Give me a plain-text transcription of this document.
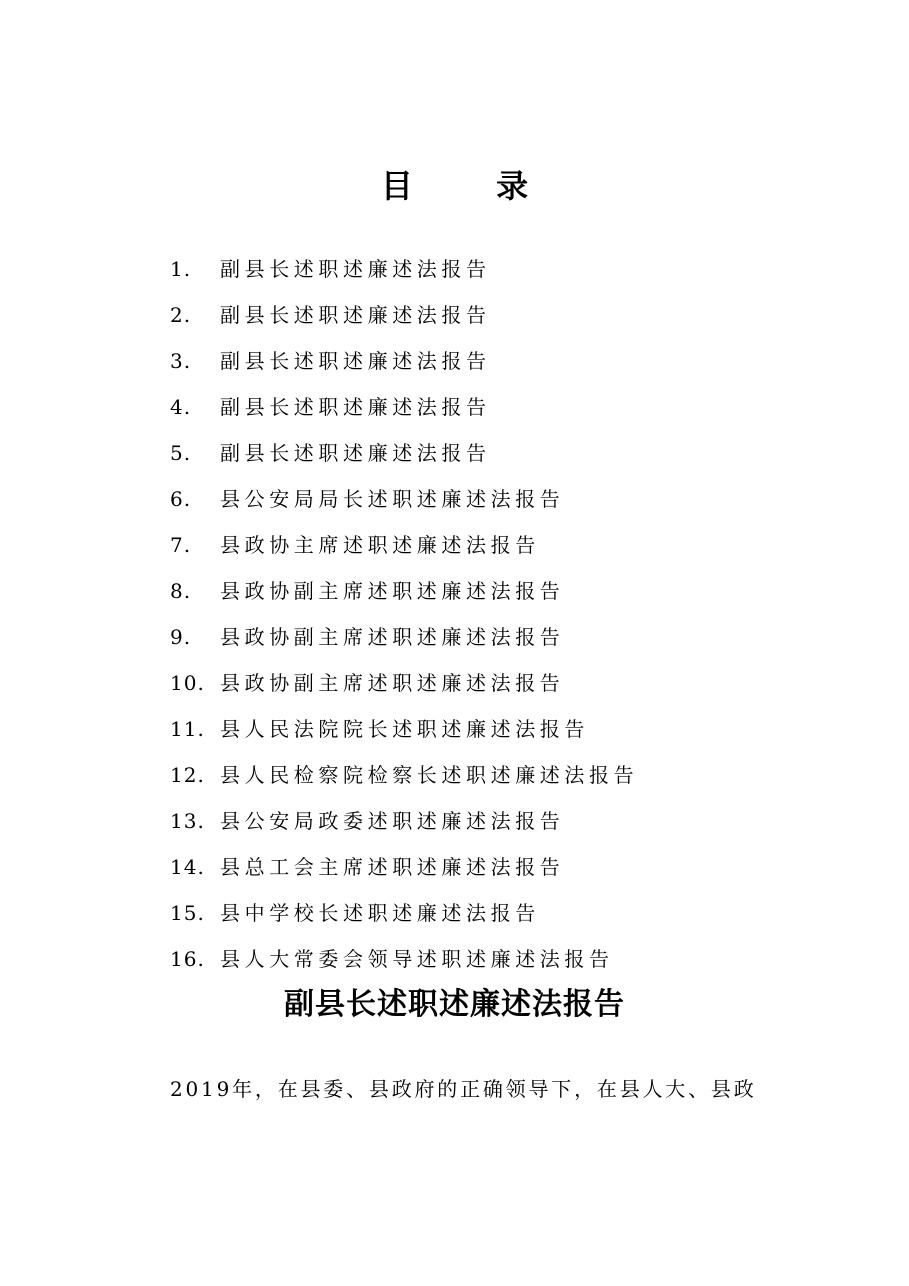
目 录
1.	副县长述职述廉述法报告
2.	副县长述职述廉述法报告
3.	副县长述职述廉述法报告
4.	副县长述职述廉述法报告
5.	副县长述职述廉述法报告
6.	县公安局局长述职述廉述法报告
7.	县政协主席述职述廉述法报告
8.	县政协副主席述职述廉述法报告
9.	县政协副主席述职述廉述法报告
10. 县政协副主席述职述廉述法报告
11. 县人民法院院长述职述廉述法报告
12. 县人民检察院检察长述职述廉述法报告
13. 县公安局政委述职述廉述法报告
14. 县总工会主席述职述廉述法报告
15. 县中学校长述职述廉述法报告
16. 县人大常委会领导述职述廉述法报告
副县长述职述廉述法报告

2019年，在县委、县政府的正确领导下，在县人大、县政
